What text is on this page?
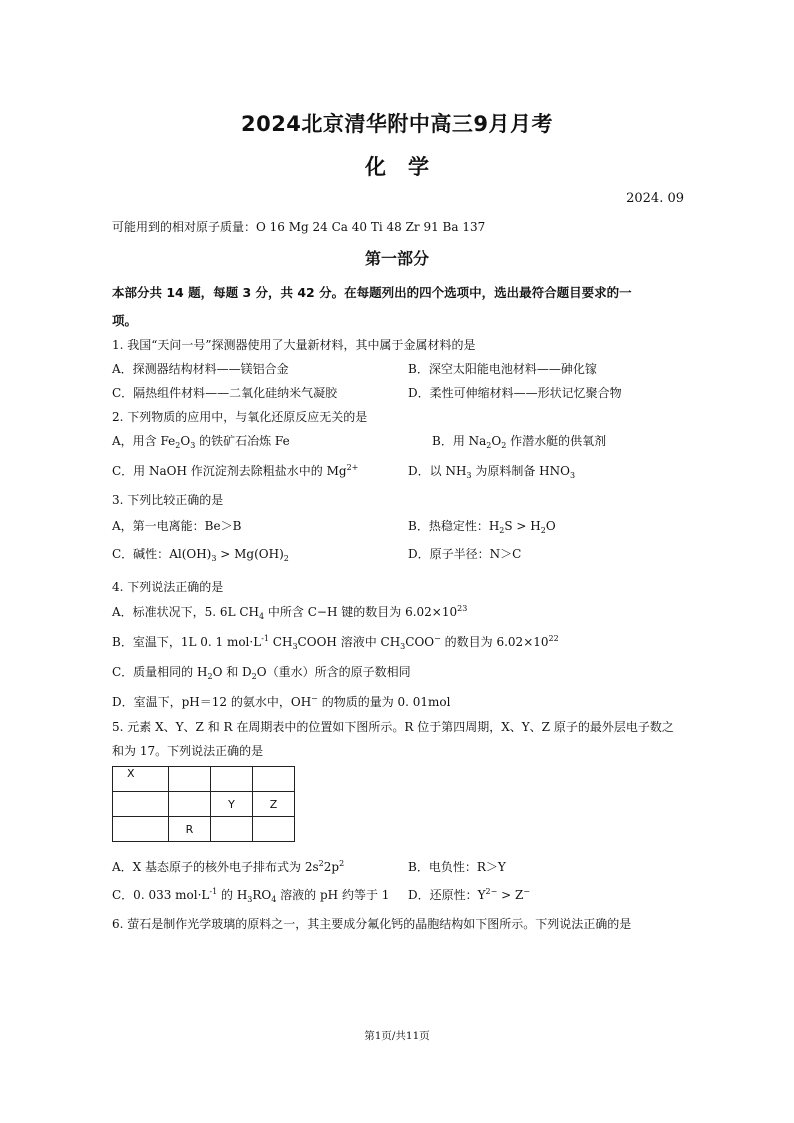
2024北京清华附中高三9月月考
化学
2024. 09
可能用到的相对原子质量：O 16 Mg 24 Ca 40 Ti 48 Zr 91 Ba 137
第一部分
本部分共 14 题，每题 3 分，共 42 分。在每题列出的四个选项中，选出最符合题目要求的一
项。
1. 我国“天问一号”探测器使用了大量新材料，其中属于金属材料的是
A．探测器结构材料——镁铝合金	B．深空太阳能电池材料——砷化镓
C．隔热组件材料——二氧化硅纳米气凝胶	D．柔性可伸缩材料——形状记忆聚合物
2. 下列物质的应用中，与氧化还原反应无关的是
A，用含 $Fe_2O_3$ 的铁矿石冶炼 Fe	B．用 $Na_2O_2$ 作潜水艇的供氧剂
C．用 NaOH 作沉淀剂去除粗盐水中的 $Mg^{2+}$	D．以 $NH_3$ 为原料制备 $HNO_3$
3. 下列比较正确的是
A，第一电离能：Be＞B	B．热稳定性：$H_2S > H_2O$
C．碱性：$Al(OH)_3 > Mg(OH)_2$	D．原子半径：N＞C
4. 下列说法正确的是
A．标准状况下，5. 6L $CH_4$ 中所含 C−H 键的数目为 $6.02\times 10^{23}$
B．室温下，1L 0. 1 $mol\cdot L^{-1}$ $CH_3COOH$ 溶液中 $CH_3COO^-$ 的数目为 $6.02\times 10^{22}$
C．质量相同的 $H_2O$ 和 $D_2O$（重水）所含的原子数相同
D．室温下，pH＝12 的氨水中，OH− 的物质的量为 0. 01mol
5. 元素 X、Y、Z 和 R 在周期表中的位置如下图所示。R 位于第四周期，X、Y、Z 原子的最外层电子数之
和为 17。下列说法正确的是
X			
		Y	Z
	R		
A．X 基态原子的核外电子排布式为 $2s^22p^2$	B．电负性：R＞Y
C．0. 033 $mol\cdot L^{-1}$ 的 $H_3RO_4$ 溶液的 pH 约等于 1 D．还原性：$Y^{2-} > Z^-$
6. 萤石是制作光学玻璃的原料之一，其主要成分氟化钙的晶胞结构如下图所示。下列说法正确的是
第1页/共11页
